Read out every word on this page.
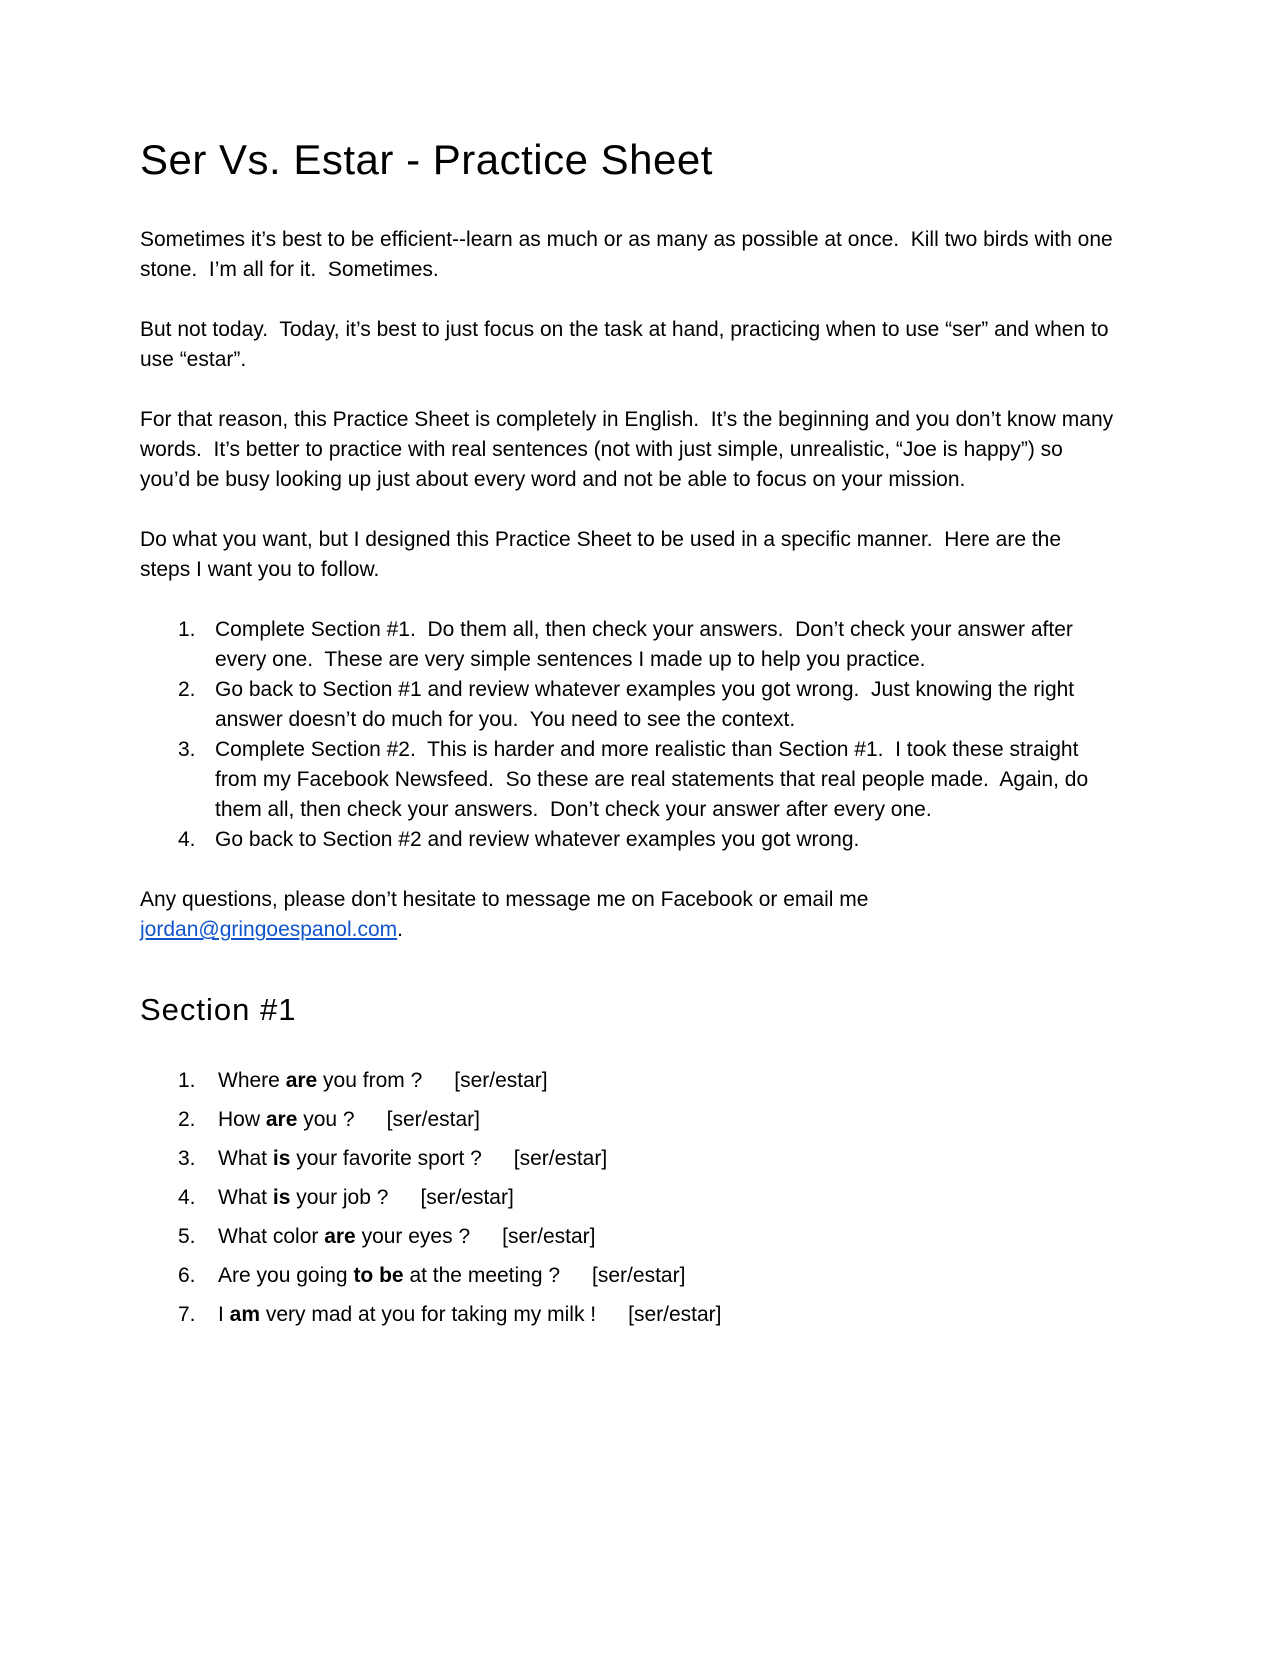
Ser Vs. Estar - Practice Sheet

Sometimes it’s best to be efficient--learn as much or as many as possible at once.  Kill two birds with one stone.  I’m all for it.  Sometimes.

But not today.  Today, it’s best to just focus on the task at hand, practicing when to use “ser” and when to use “estar”.

For that reason, this Practice Sheet is completely in English.  It’s the beginning and you don’t know many words.  It’s better to practice with real sentences (not with just simple, unrealistic, “Joe is happy”) so you’d be busy looking up just about every word and not be able to focus on your mission.

Do what you want, but I designed this Practice Sheet to be used in a specific manner.  Here are the steps I want you to follow.

1. Complete Section #1.  Do them all, then check your answers.  Don’t check your answer after every one.  These are very simple sentences I made up to help you practice.
2. Go back to Section #1 and review whatever examples you got wrong.  Just knowing the right answer doesn’t do much for you.  You need to see the context.
3. Complete Section #2.  This is harder and more realistic than Section #1.  I took these straight from my Facebook Newsfeed.  So these are real statements that real people made.  Again, do them all, then check your answers.  Don’t check your answer after every one.
4. Go back to Section #2 and review whatever examples you got wrong.

Any questions, please don’t hesitate to message me on Facebook or email me
jordan@gringoespanol.com.

Section #1
1.	Where are you from ? [ser/estar]
2.	How are you ? [ser/estar]
3.	What is your favorite sport ? [ser/estar]
4.	What is your job ? [ser/estar]
5.	What color are your eyes ? [ser/estar]
6.	Are you going to be at the meeting ? [ser/estar]
7.	I am very mad at you for taking my milk ! [ser/estar]
